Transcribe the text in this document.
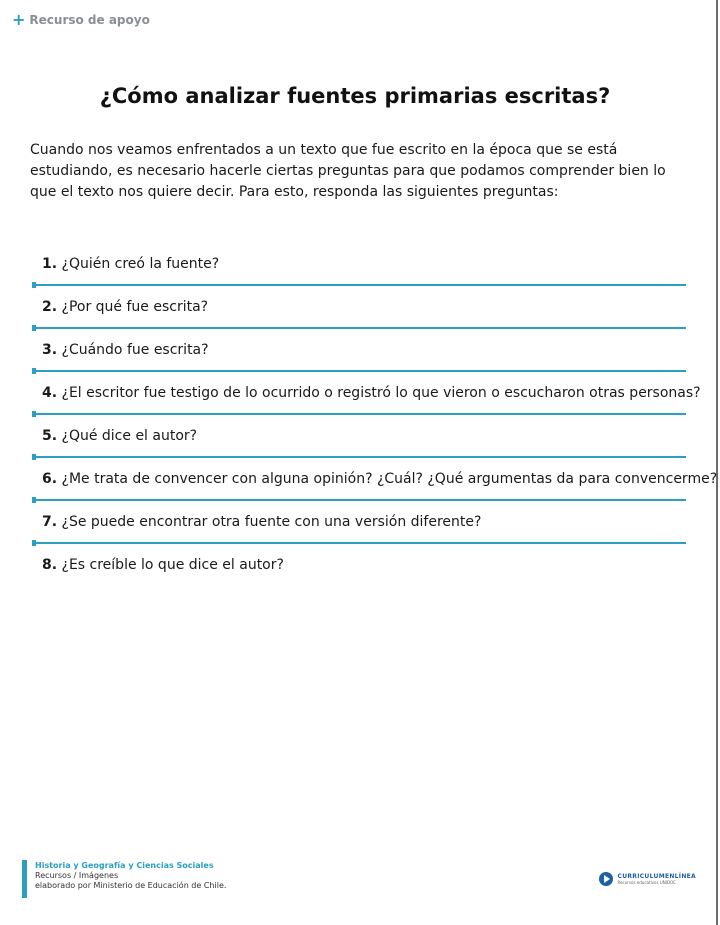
+ Recurso de apoyo
¿Cómo analizar fuentes primarias escritas?
Cuando nos veamos enfrentados a un texto que fue escrito en la época que se está estudiando, es necesario hacerle ciertas preguntas para que podamos comprender bien lo que el texto nos quiere decir. Para esto, responda las siguientes preguntas:
1. ¿Quién creó la fuente?
2. ¿Por qué fue escrita?
3. ¿Cuándo fue escrita?
4. ¿El escritor fue testigo de lo ocurrido o registró lo que vieron o escucharon otras personas?
5. ¿Qué dice el autor?
6. ¿Me trata de convencer con alguna opinión? ¿Cuál? ¿Qué argumentas da para convencerme?
7. ¿Se puede encontrar otra fuente con una versión diferente?
8. ¿Es creíble lo que dice el autor?
Historia y Geografía y Ciencias Sociales
Recursos / Imágenes
elaborado por Ministerio de Educación de Chile.
CURRICULUMENLÍNEA
Recursos educativos UNIDOC
